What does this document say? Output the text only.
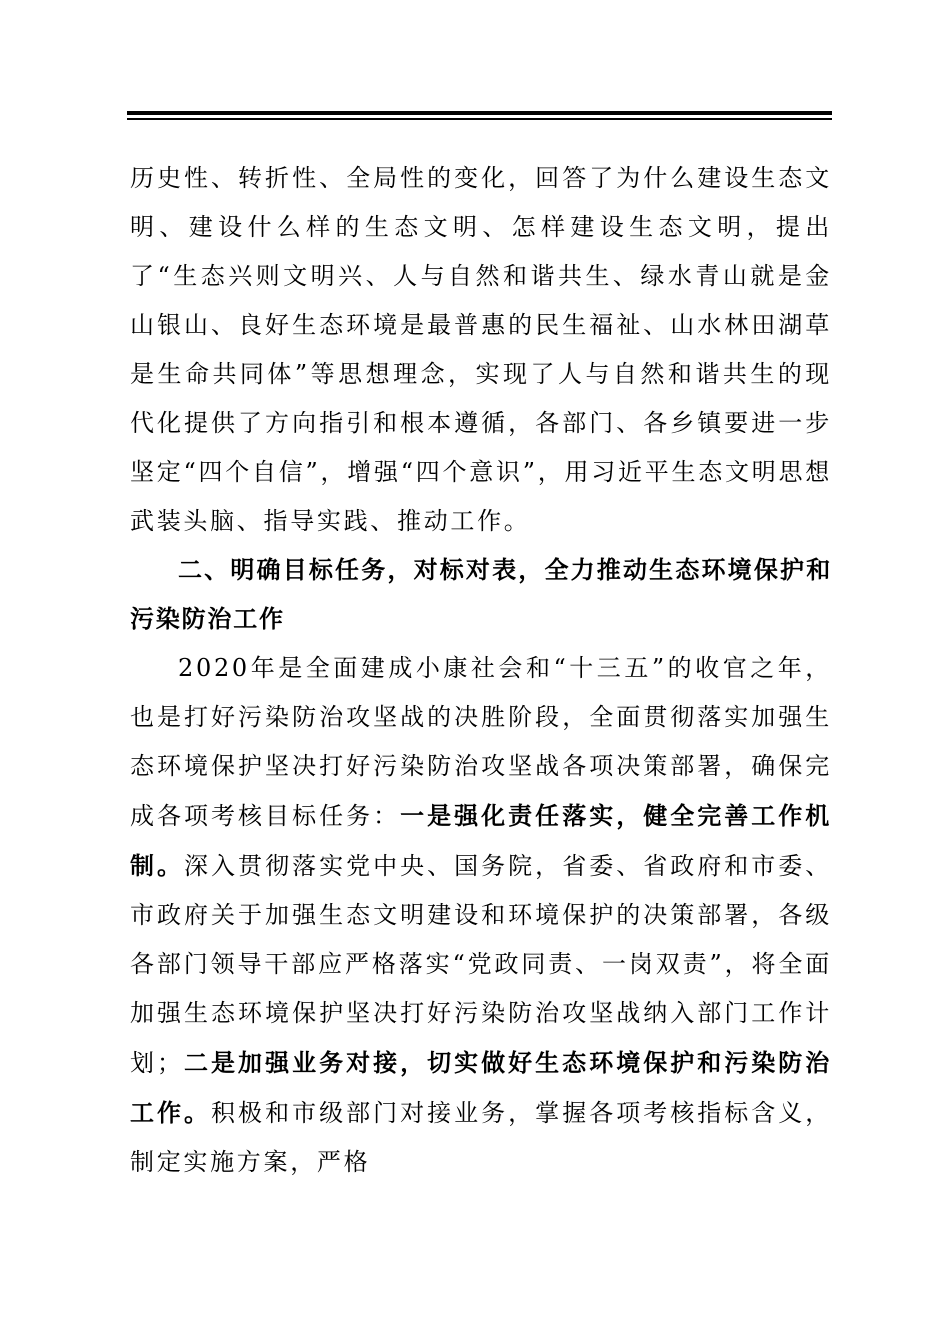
历史性、转折性、全局性的变化，回答了为什么建设生态文明、建设什么样的生态文明、怎样建设生态文明，提出了“生态兴则文明兴、人与自然和谐共生、绿水青山就是金山银山、良好生态环境是最普惠的民生福祉、山水林田湖草是生命共同体”等思想理念，实现了人与自然和谐共生的现代化提供了方向指引和根本遵循，各部门、各乡镇要进一步坚定“四个自信”，增强“四个意识”，用习近平生态文明思想武装头脑、指导实践、推动工作。

二、明确目标任务，对标对表，全力推动生态环境保护和污染防治工作

2020年是全面建成小康社会和“十三五”的收官之年，也是打好污染防治攻坚战的决胜阶段，全面贯彻落实加强生态环境保护坚决打好污染防治攻坚战各项决策部署，确保完成各项考核目标任务：一是强化责任落实，健全完善工作机制。深入贯彻落实党中央、国务院，省委、省政府和市委、市政府关于加强生态文明建设和环境保护的决策部署，各级各部门领导干部应严格落实“党政同责、一岗双责”，将全面加强生态环境保护坚决打好污染防治攻坚战纳入部门工作计划；二是加强业务对接，切实做好生态环境保护和污染防治工作。积极和市级部门对接业务，掌握各项考核指标含义，制定实施方案，严格
